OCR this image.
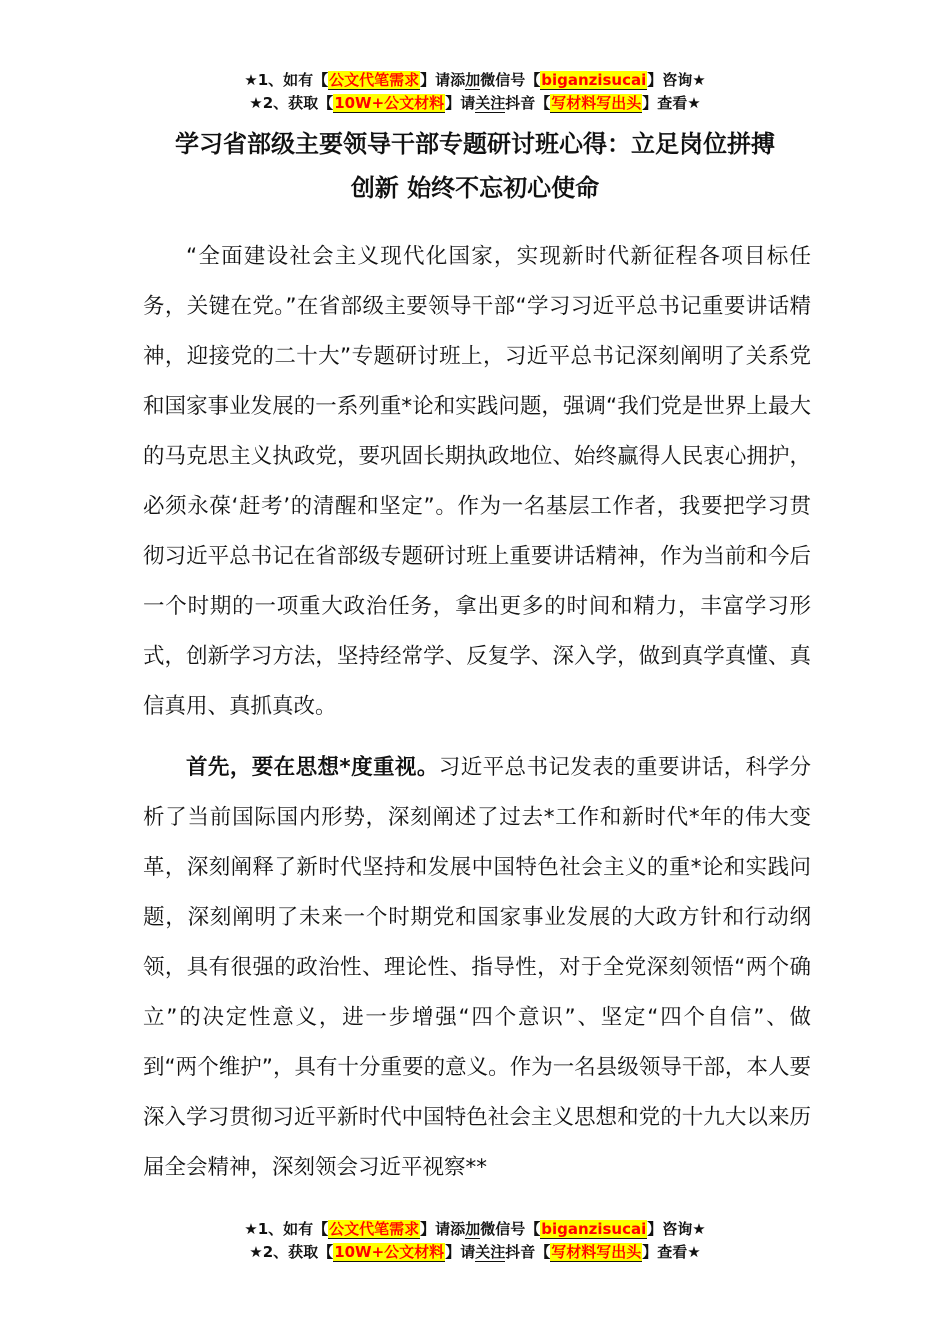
★1、如有【公文代笔需求】请添加微信号【biganzisucai】咨询★
★2、获取【10W+公文材料】请关注抖音【写材料写出头】查看★
学习省部级主要领导干部专题研讨班心得：立足岗位拼搏
创新 始终不忘初心使命

“全面建设社会主义现代化国家，实现新时代新征程各项目标任务，关键在党。”在省部级主要领导干部“学习习近平总书记重要讲话精神，迎接党的二十大”专题研讨班上，习近平总书记深刻阐明了关系党和国家事业发展的一系列重*论和实践问题，强调“我们党是世界上最大的马克思主义执政党，要巩固长期执政地位、始终赢得人民衷心拥护，必须永葆‘赶考’的清醒和坚定”。作为一名基层工作者，我要把学习贯彻习近平总书记在省部级专题研讨班上重要讲话精神，作为当前和今后一个时期的一项重大政治任务，拿出更多的时间和精力，丰富学习形式，创新学习方法，坚持经常学、反复学、深入学，做到真学真懂、真信真用、真抓真改。

首先，要在思想*度重视。习近平总书记发表的重要讲话，科学分析了当前国际国内形势，深刻阐述了过去*工作和新时代*年的伟大变革，深刻阐释了新时代坚持和发展中国特色社会主义的重*论和实践问题，深刻阐明了未来一个时期党和国家事业发展的大政方针和行动纲领，具有很强的政治性、理论性、指导性，对于全党深刻领悟“两个确立”的决定性意义，进一步增强“四个意识”、坚定“四个自信”、做到“两个维护”，具有十分重要的意义。作为一名县级领导干部，本人要深入学习贯彻习近平新时代中国特色社会主义思想和党的十九大以来历届全会精神，深刻领会习近平视察**

★1、如有【公文代笔需求】请添加微信号【biganzisucai】咨询★
★2、获取【10W+公文材料】请关注抖音【写材料写出头】查看★
